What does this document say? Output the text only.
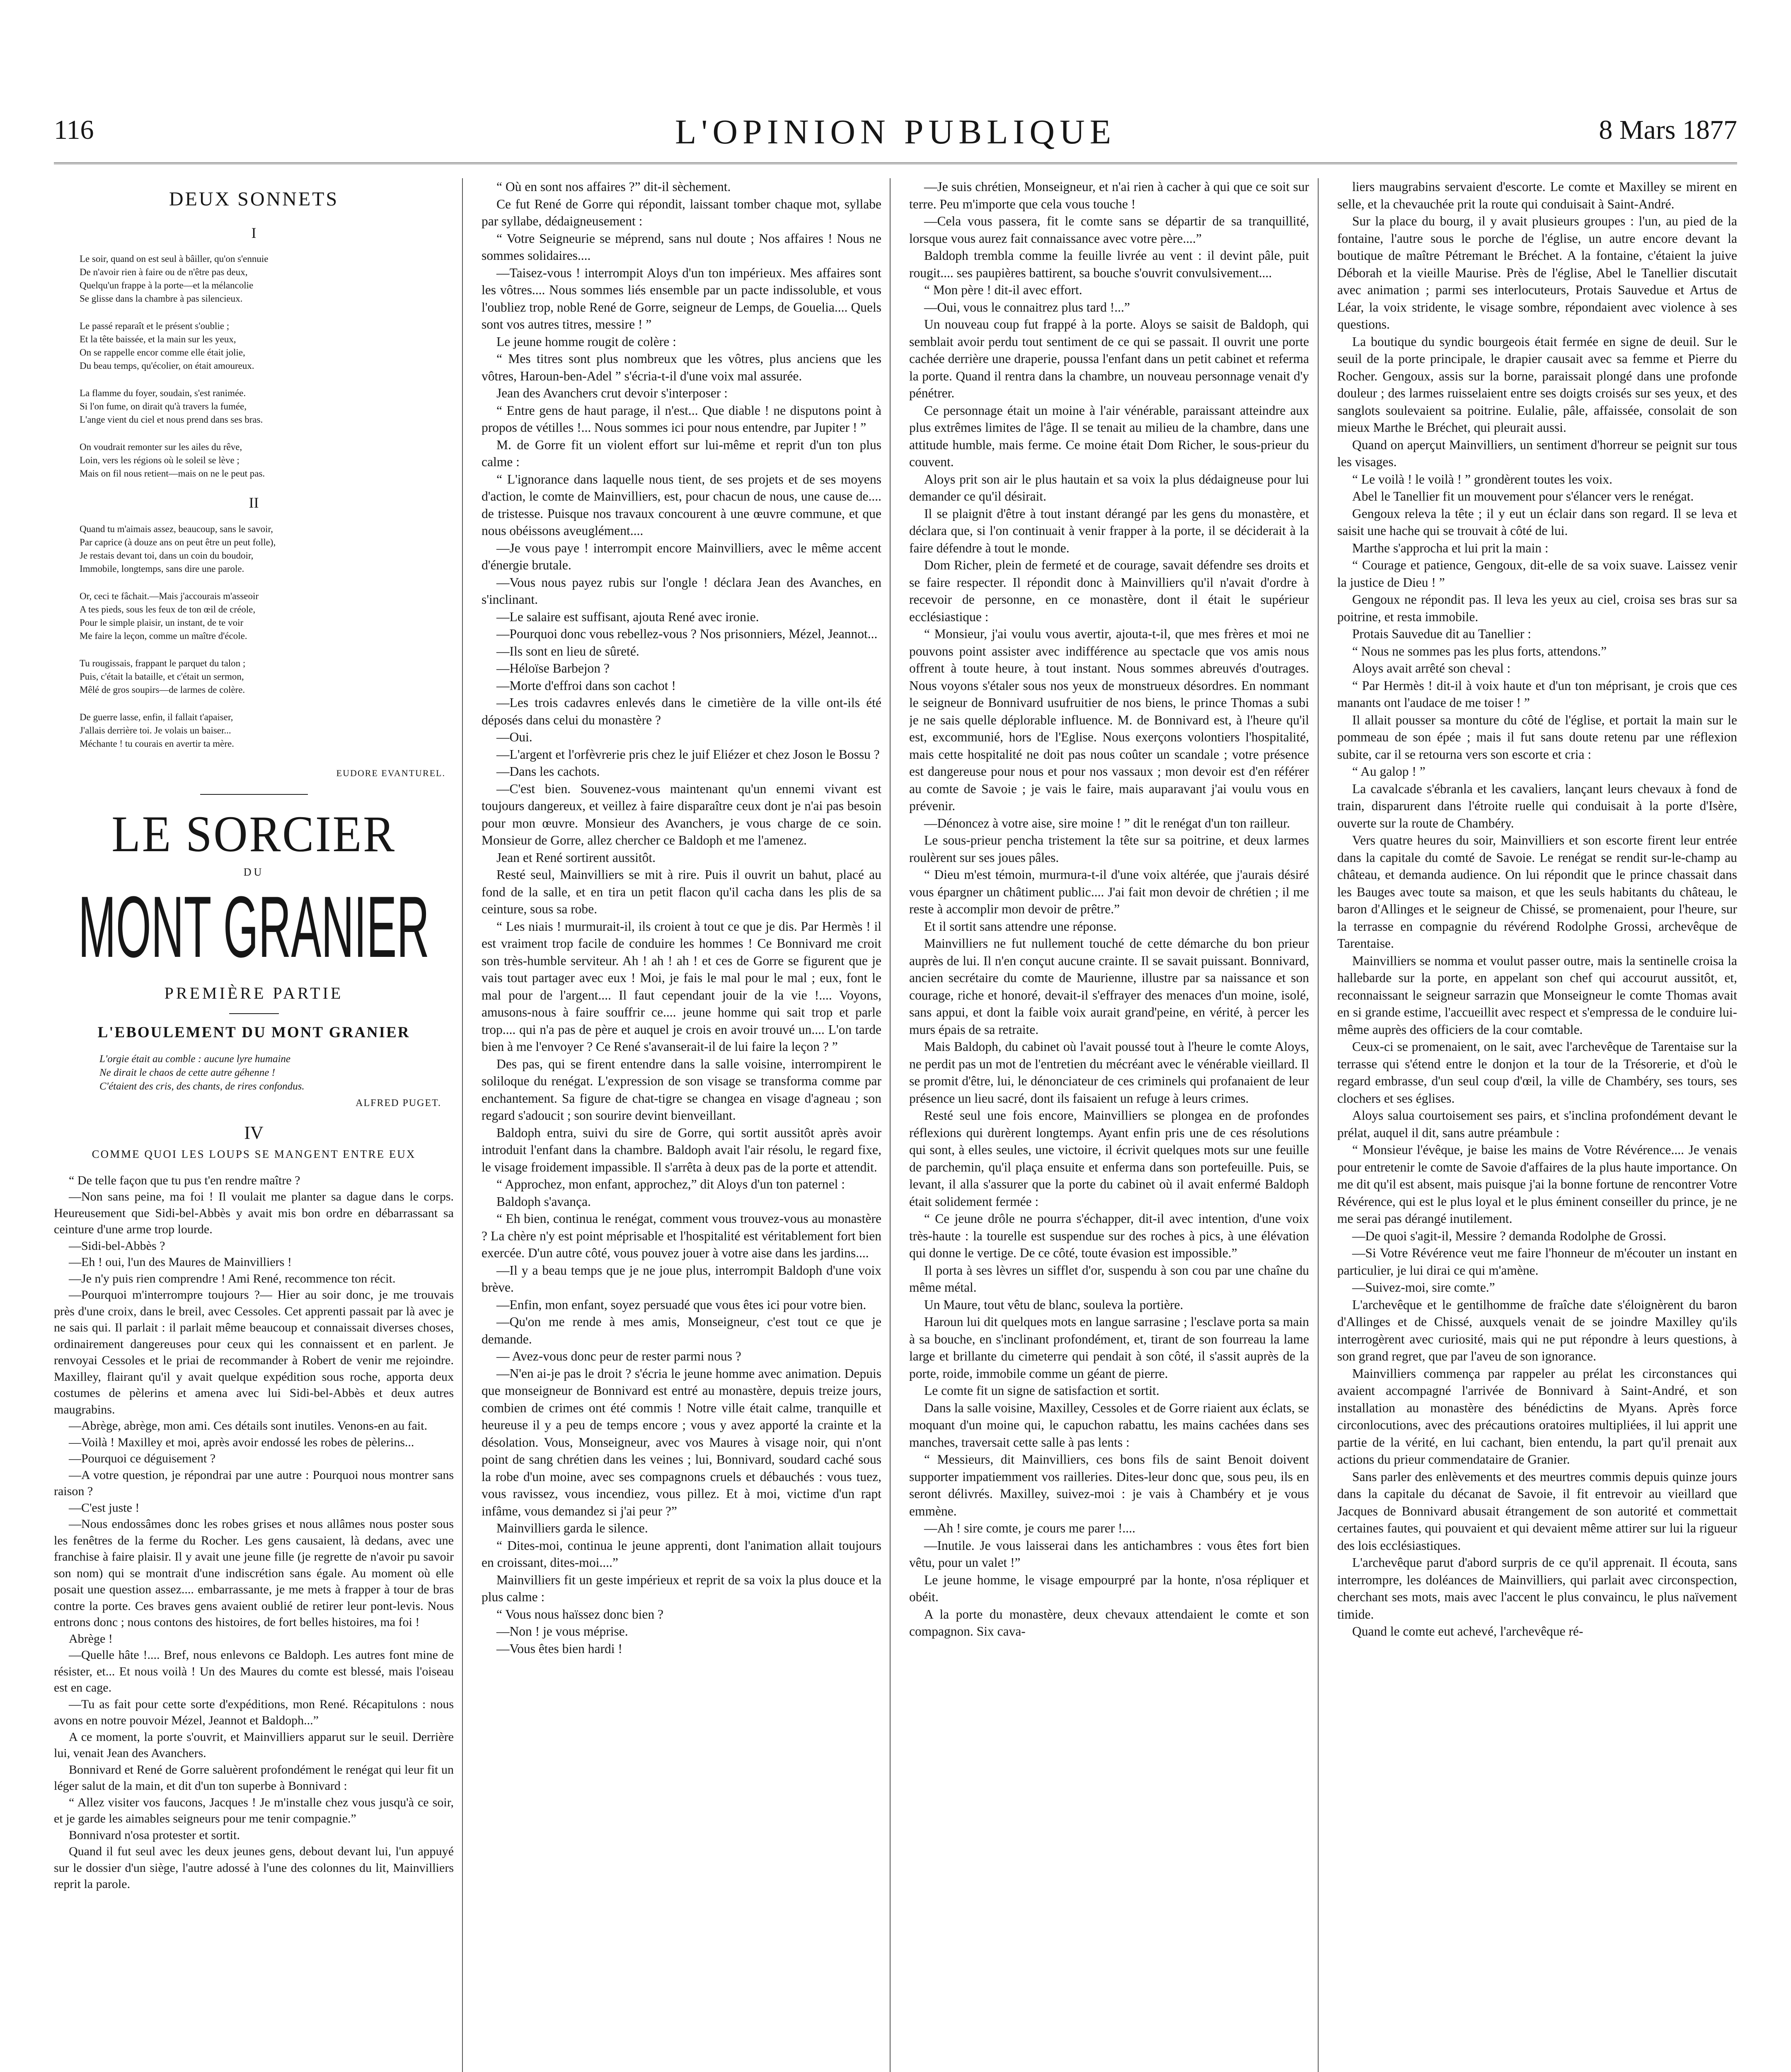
116	L'OPINION PUBLIQUE	8 Mars 1877
DEUX SONNETS
I
Le soir, quand on est seul à bâiller, qu'on s'ennuie
De n'avoir rien à faire ou de n'être pas deux,
Quelqu'un frappe à la porte—et la mélancolie
Se glisse dans la chambre à pas silencieux.
Le passé reparaît et le présent s'oublie ;
Et la tête baissée, et la main sur les yeux,
On se rappelle encor comme elle était jolie,
Du beau temps, qu'écolier, on était amoureux.
La flamme du foyer, soudain, s'est ranimée.
Si l'on fume, on dirait qu'à travers la fumée,
L'ange vient du ciel et nous prend dans ses bras.
On voudrait remonter sur les ailes du rêve,
Loin, vers les régions où le soleil se lève ;
Mais on fil nous retient—mais on ne le peut pas.
II
Quand tu m'aimais assez, beaucoup, sans le savoir,
Par caprice (à douze ans on peut être un peut folle),
Je restais devant toi, dans un coin du boudoir,
Immobile, longtemps, sans dire une parole.
Or, ceci te fâchait.—Mais j'accourais m'asseoir
A tes pieds, sous les feux de ton œil de créole,
Pour le simple plaisir, un instant, de te voir
Me faire la leçon, comme un maître d'école.
Tu rougissais, frappant le parquet du talon ;
Puis, c'était la bataille, et c'était un sermon,
Mêlé de gros soupirs—de larmes de colère.
De guerre lasse, enfin, il fallait t'apaiser,
J'allais derrière toi. Je volais un baiser...
Méchante ! tu courais en avertir ta mère.
EUDORE EVANTUREL.
LE SORCIER
DU
MONT GRANIER
PREMIÈRE PARTIE
L'EBOULEMENT DU MONT GRANIER
L'orgie était au comble : aucune lyre humaine
Ne dirait le chaos de cette autre géhenne !
C'étaient des cris, des chants, de rires confondus.
ALFRED PUGET.
IV
COMME QUOI LES LOUPS SE MANGENT ENTRE EUX

“ De telle façon que tu pus t'en rendre maître ?

—Non sans peine, ma foi ! Il voulait me planter sa dague dans le corps. Heureusement que Sidi-bel-Abbès y avait mis bon ordre en débarrassant sa ceinture d'une arme trop lourde.

—Sidi-bel-Abbès ?

—Eh ! oui, l'un des Maures de Mainvilliers !

—Je n'y puis rien comprendre ! Ami René, recommence ton récit.

—Pourquoi m'interrompre toujours ?— Hier au soir donc, je me trouvais près d'une croix, dans le breil, avec Cessoles. Cet apprenti passait par là avec je ne sais qui. Il parlait : il parlait même beaucoup et connaissait diverses choses, ordinairement dangereuses pour ceux qui les connaissent et en parlent. Je renvoyai Cessoles et le priai de recommander à Robert de venir me rejoindre. Maxilley, flairant qu'il y avait quelque expédition sous roche, apporta deux costumes de pèlerins et amena avec lui Sidi-bel-Abbès et deux autres maugrabins.

—Abrège, abrège, mon ami. Ces détails sont inutiles. Venons-en au fait.

—Voilà ! Maxilley et moi, après avoir endossé les robes de pèlerins...

—Pourquoi ce déguisement ?

—A votre question, je répondrai par une autre : Pourquoi nous montrer sans raison ?

—C'est juste !

—Nous endossâmes donc les robes grises et nous allâmes nous poster sous les fenêtres de la ferme du Rocher. Les gens causaient, là dedans, avec une franchise à faire plaisir. Il y avait une jeune fille (je regrette de n'avoir pu savoir son nom) qui se montrait d'une indiscrétion sans égale. Au moment où elle posait une question assez.... embarrassante, je me mets à frapper à tour de bras contre la porte. Ces braves gens avaient oublié de retirer leur pont-levis. Nous entrons donc ; nous contons des histoires, de fort belles histoires, ma foi !

Abrège !

—Quelle hâte !.... Bref, nous enlevons ce Baldoph. Les autres font mine de résister, et... Et nous voilà ! Un des Maures du comte est blessé, mais l'oiseau est en cage.

—Tu as fait pour cette sorte d'expéditions, mon René. Récapitulons : nous avons en notre pouvoir Mézel, Jeannot et Baldoph...”

A ce moment, la porte s'ouvrit, et Mainvilliers apparut sur le seuil. Derrière lui, venait Jean des Avanchers.

Bonnivard et René de Gorre saluèrent profondément le renégat qui leur fit un léger salut de la main, et dit d'un ton superbe à Bonnivard :

“ Allez visiter vos faucons, Jacques ! Je m'installe chez vous jusqu'à ce soir, et je garde les aimables seigneurs pour me tenir compagnie.”

Bonnivard n'osa protester et sortit.

Quand il fut seul avec les deux jeunes gens, debout devant lui, l'un appuyé sur le dossier d'un siège, l'autre adossé à l'une des colonnes du lit, Mainvilliers reprit la parole.

“ Où en sont nos affaires ?” dit-il sèchement.

Ce fut René de Gorre qui répondit, laissant tomber chaque mot, syllabe par syllabe, dédaigneusement :

“ Votre Seigneurie se méprend, sans nul doute ; Nos affaires ! Nous ne sommes solidaires....

—Taisez-vous ! interrompit Aloys d'un ton impérieux. Mes affaires sont les vôtres.... Nous sommes liés ensemble par un pacte indissoluble, et vous l'oubliez trop, noble René de Gorre, seigneur de Lemps, de Gouelia.... Quels sont vos autres titres, messire ! ”

Le jeune homme rougit de colère :

“ Mes titres sont plus nombreux que les vôtres, plus anciens que les vôtres, Haroun-ben-Adel ” s'écria-t-il d'une voix mal assurée.

Jean des Avanchers crut devoir s'interposer :

“ Entre gens de haut parage, il n'est... Que diable ! ne disputons point à propos de vétilles !... Nous sommes ici pour nous entendre, par Jupiter ! ”

M. de Gorre fit un violent effort sur lui-même et reprit d'un ton plus calme :

“ L'ignorance dans laquelle nous tient, de ses projets et de ses moyens d'action, le comte de Mainvilliers, est, pour chacun de nous, une cause de.... de tristesse. Puisque nos travaux concourent à une œuvre commune, et que nous obéissons aveuglément....

—Je vous paye ! interrompit encore Mainvilliers, avec le même accent d'énergie brutale.

—Vous nous payez rubis sur l'ongle ! déclara Jean des Avanches, en s'inclinant.

—Le salaire est suffisant, ajouta René avec ironie.

—Pourquoi donc vous rebellez-vous ? Nos prisonniers, Mézel, Jeannot...

—Ils sont en lieu de sûreté.

—Héloïse Barbejon ?

—Morte d'effroi dans son cachot !

—Les trois cadavres enlevés dans le cimetière de la ville ont-ils été déposés dans celui du monastère ?

—Oui.

—L'argent et l'orfèvrerie pris chez le juif Eliézer et chez Joson le Bossu ?

—Dans les cachots.

—C'est bien. Souvenez-vous maintenant qu'un ennemi vivant est toujours dangereux, et veillez à faire disparaître ceux dont je n'ai pas besoin pour mon œuvre. Monsieur des Avanchers, je vous charge de ce soin. Monsieur de Gorre, allez chercher ce Baldoph et me l'amenez.

Jean et René sortirent aussitôt.

Resté seul, Mainvilliers se mit à rire. Puis il ouvrit un bahut, placé au fond de la salle, et en tira un petit flacon qu'il cacha dans les plis de sa ceinture, sous sa robe.

“ Les niais ! murmurait-il, ils croient à tout ce que je dis. Par Hermès ! il est vraiment trop facile de conduire les hommes ! Ce Bonnivard me croit son très-humble serviteur. Ah ! ah ! ah ! et ces de Gorre se figurent que je vais tout partager avec eux ! Moi, je fais le mal pour le mal ; eux, font le mal pour de l'argent.... Il faut cependant jouir de la vie !.... Voyons, amusons-nous à faire souffrir ce.... jeune homme qui sait trop et parle trop.... qui n'a pas de père et auquel je crois en avoir trouvé un.... L'on tarde bien à me l'envoyer ? Ce René s'avanserait-il de lui faire la leçon ? ”

Des pas, qui se firent entendre dans la salle voisine, interrompirent le soliloque du renégat. L'expression de son visage se transforma comme par enchantement. Sa figure de chat-tigre se changea en visage d'agneau ; son regard s'adoucit ; son sourire devint bienveillant.

Baldoph entra, suivi du sire de Gorre, qui sortit aussitôt après avoir introduit l'enfant dans la chambre. Baldoph avait l'air résolu, le regard fixe, le visage froidement impassible. Il s'arrêta à deux pas de la porte et attendit.

“ Approchez, mon enfant, approchez,” dit Aloys d'un ton paternel :

Baldoph s'avança.

“ Eh bien, continua le renégat, comment vous trouvez-vous au monastère ? La chère n'y est point méprisable et l'hospitalité est véritablement fort bien exercée. D'un autre côté, vous pouvez jouer à votre aise dans les jardins....

—Il y a beau temps que je ne joue plus, interrompit Baldoph d'une voix brève.

—Enfin, mon enfant, soyez persuadé que vous êtes ici pour votre bien.

—Qu'on me rende à mes amis, Monseigneur, c'est tout ce que je demande.

— Avez-vous donc peur de rester parmi nous ?

—N'en ai-je pas le droit ? s'écria le jeune homme avec animation. Depuis que monseigneur de Bonnivard est entré au monastère, depuis treize jours, combien de crimes ont été commis ! Notre ville était calme, tranquille et heureuse il y a peu de temps encore ; vous y avez apporté la crainte et la désolation. Vous, Monseigneur, avec vos Maures à visage noir, qui n'ont point de sang chrétien dans les veines ; lui, Bonnivard, soudard caché sous la robe d'un moine, avec ses compagnons cruels et débauchés : vous tuez, vous ravissez, vous incendiez, vous pillez. Et à moi, victime d'un rapt infâme, vous demandez si j'ai peur ?”

Mainvilliers garda le silence.

“ Dites-moi, continua le jeune apprenti, dont l'animation allait toujours en croissant, dites-moi....”

Mainvilliers fit un geste impérieux et reprit de sa voix la plus douce et la plus calme :

“ Vous nous haïssez donc bien ?

—Non ! je vous méprise.

—Vous êtes bien hardi !

—Je suis chrétien, Monseigneur, et n'ai rien à cacher à qui que ce soit sur terre. Peu m'importe que cela vous touche !

—Cela vous passera, fit le comte sans se départir de sa tranquillité, lorsque vous aurez fait connaissance avec votre père....”

Baldoph trembla comme la feuille livrée au vent : il devint pâle, puit rougit.... ses paupières battirent, sa bouche s'ouvrit convulsivement....

“ Mon père ! dit-il avec effort.

—Oui, vous le connaitrez plus tard !...”

Un nouveau coup fut frappé à la porte. Aloys se saisit de Baldoph, qui semblait avoir perdu tout sentiment de ce qui se passait. Il ouvrit une porte cachée derrière une draperie, poussa l'enfant dans un petit cabinet et referma la porte. Quand il rentra dans la chambre, un nouveau personnage venait d'y pénétrer.

Ce personnage était un moine à l'air vénérable, paraissant atteindre aux plus extrêmes limites de l'âge. Il se tenait au milieu de la chambre, dans une attitude humble, mais ferme. Ce moine était Dom Richer, le sous-prieur du couvent.

Aloys prit son air le plus hautain et sa voix la plus dédaigneuse pour lui demander ce qu'il désirait.

Il se plaignit d'être à tout instant dérangé par les gens du monastère, et déclara que, si l'on continuait à venir frapper à la porte, il se déciderait à la faire défendre à tout le monde.

Dom Richer, plein de fermeté et de courage, savait défendre ses droits et se faire respecter. Il répondit donc à Mainvilliers qu'il n'avait d'ordre à recevoir de personne, en ce monastère, dont il était le supérieur ecclésiastique :

“ Monsieur, j'ai voulu vous avertir, ajouta-t-il, que mes frères et moi ne pouvons point assister avec indifférence au spectacle que vos amis nous offrent à toute heure, à tout instant. Nous sommes abreuvés d'outrages. Nous voyons s'étaler sous nos yeux de monstrueux désordres. En nommant le seigneur de Bonnivard usufruitier de nos biens, le prince Thomas a subi je ne sais quelle déplorable influence. M. de Bonnivard est, à l'heure qu'il est, excommunié, hors de l'Eglise. Nous exerçons volontiers l'hospitalité, mais cette hospitalité ne doit pas nous coûter un scandale ; votre présence est dangereuse pour nous et pour nos vassaux ; mon devoir est d'en référer au comte de Savoie ; je vais le faire, mais auparavant j'ai voulu vous en prévenir.

—Dénoncez à votre aise, sire moine ! ” dit le renégat d'un ton railleur.

Le sous-prieur pencha tristement la tête sur sa poitrine, et deux larmes roulèrent sur ses joues pâles.

“ Dieu m'est témoin, murmura-t-il d'une voix altérée, que j'aurais désiré vous épargner un châtiment public.... J'ai fait mon devoir de chrétien ; il me reste à accomplir mon devoir de prêtre.”

Et il sortit sans attendre une réponse.

Mainvilliers ne fut nullement touché de cette démarche du bon prieur auprès de lui. Il n'en conçut aucune crainte. Il se savait puissant. Bonnivard, ancien secrétaire du comte de Maurienne, illustre par sa naissance et son courage, riche et honoré, devait-il s'effrayer des menaces d'un moine, isolé, sans appui, et dont la faible voix aurait grand'peine, en vérité, à percer les murs épais de sa retraite.

Mais Baldoph, du cabinet où l'avait poussé tout à l'heure le comte Aloys, ne perdit pas un mot de l'entretien du mécréant avec le vénérable vieillard. Il se promit d'être, lui, le dénonciateur de ces criminels qui profanaient de leur présence un lieu sacré, dont ils faisaient un refuge à leurs crimes.

Resté seul une fois encore, Mainvilliers se plongea en de profondes réflexions qui durèrent longtemps. Ayant enfin pris une de ces résolutions qui sont, à elles seules, une victoire, il écrivit quelques mots sur une feuille de parchemin, qu'il plaça ensuite et enferma dans son portefeuille. Puis, se levant, il alla s'assurer que la porte du cabinet où il avait enfermé Baldoph était solidement fermée :

“ Ce jeune drôle ne pourra s'échapper, dit-il avec intention, d'une voix très-haute : la tourelle est suspendue sur des roches à pics, à une élévation qui donne le vertige. De ce côté, toute évasion est impossible.”

Il porta à ses lèvres un sifflet d'or, suspendu à son cou par une chaîne du même métal.

Un Maure, tout vêtu de blanc, souleva la portière.

Haroun lui dit quelques mots en langue sarrasine ; l'esclave porta sa main à sa bouche, en s'inclinant profondément, et, tirant de son fourreau la lame large et brillante du cimeterre qui pendait à son côté, il s'assit auprès de la porte, roide, immobile comme un géant de pierre.

Le comte fit un signe de satisfaction et sortit.

Dans la salle voisine, Maxilley, Cessoles et de Gorre riaient aux éclats, se moquant d'un moine qui, le capuchon rabattu, les mains cachées dans ses manches, traversait cette salle à pas lents :

“ Messieurs, dit Mainvilliers, ces bons fils de saint Benoit doivent supporter impatiemment vos railleries. Dites-leur donc que, sous peu, ils en seront délivrés. Maxilley, suivez-moi : je vais à Chambéry et je vous emmène.

—Ah ! sire comte, je cours me parer !....

—Inutile. Je vous laisserai dans les antichambres : vous êtes fort bien vêtu, pour un valet !”

Le jeune homme, le visage empourpré par la honte, n'osa répliquer et obéit.

A la porte du monastère, deux chevaux attendaient le comte et son compagnon. Six cava-

liers maugrabins servaient d'escorte. Le comte et Maxilley se mirent en selle, et la chevauchée prit la route qui conduisait à Saint-André.

Sur la place du bourg, il y avait plusieurs groupes : l'un, au pied de la fontaine, l'autre sous le porche de l'église, un autre encore devant la boutique de maître Pétremant le Bréchet. A la fontaine, c'étaient la juive Déborah et la vieille Maurise. Près de l'église, Abel le Tanellier discutait avec animation ; parmi ses interlocuteurs, Protais Sauvedue et Artus de Léar, la voix stridente, le visage sombre, répondaient avec violence à ses questions.

La boutique du syndic bourgeois était fermée en signe de deuil. Sur le seuil de la porte principale, le drapier causait avec sa femme et Pierre du Rocher. Gengoux, assis sur la borne, paraissait plongé dans une profonde douleur ; des larmes ruisselaient entre ses doigts croisés sur ses yeux, et des sanglots soulevaient sa poitrine. Eulalie, pâle, affaissée, consolait de son mieux Marthe le Bréchet, qui pleurait aussi.

Quand on aperçut Mainvilliers, un sentiment d'horreur se peignit sur tous les visages.

“ Le voilà ! le voilà ! ” grondèrent toutes les voix.

Abel le Tanellier fit un mouvement pour s'élancer vers le renégat.

Gengoux releva la tête ; il y eut un éclair dans son regard. Il se leva et saisit une hache qui se trouvait à côté de lui.

Marthe s'approcha et lui prit la main :

“ Courage et patience, Gengoux, dit-elle de sa voix suave. Laissez venir la justice de Dieu ! ”

Gengoux ne répondit pas. Il leva les yeux au ciel, croisa ses bras sur sa poitrine, et resta immobile.

Protais Sauvedue dit au Tanellier :

“ Nous ne sommes pas les plus forts, attendons.”

Aloys avait arrêté son cheval :

“ Par Hermès ! dit-il à voix haute et d'un ton méprisant, je crois que ces manants ont l'audace de me toiser ! ”

Il allait pousser sa monture du côté de l'église, et portait la main sur le pommeau de son épée ; mais il fut sans doute retenu par une réflexion subite, car il se retourna vers son escorte et cria :

“ Au galop ! ”

La cavalcade s'ébranla et les cavaliers, lançant leurs chevaux à fond de train, disparurent dans l'étroite ruelle qui conduisait à la porte d'Isère, ouverte sur la route de Chambéry.

Vers quatre heures du soir, Mainvilliers et son escorte firent leur entrée dans la capitale du comté de Savoie. Le renégat se rendit sur-le-champ au château, et demanda audience. On lui répondit que le prince chassait dans les Bauges avec toute sa maison, et que les seuls habitants du château, le baron d'Allinges et le seigneur de Chissé, se promenaient, pour l'heure, sur la terrasse en compagnie du révérend Rodolphe Grossi, archevêque de Tarentaise.

Mainvilliers se nomma et voulut passer outre, mais la sentinelle croisa la hallebarde sur la porte, en appelant son chef qui accourut aussitôt, et, reconnaissant le seigneur sarrazin que Monseigneur le comte Thomas avait en si grande estime, l'accueillit avec respect et s'empressa de le conduire lui-même auprès des officiers de la cour comtable.

Ceux-ci se promenaient, on le sait, avec l'archevêque de Tarentaise sur la terrasse qui s'étend entre le donjon et la tour de la Trésorerie, et d'où le regard embrasse, d'un seul coup d'œil, la ville de Chambéry, ses tours, ses clochers et ses églises.

Aloys salua courtoisement ses pairs, et s'inclina profondément devant le prélat, auquel il dit, sans autre préambule :

“ Monsieur l'évêque, je baise les mains de Votre Révérence.... Je venais pour entretenir le comte de Savoie d'affaires de la plus haute importance. On me dit qu'il est absent, mais puisque j'ai la bonne fortune de rencontrer Votre Révérence, qui est le plus loyal et le plus éminent conseiller du prince, je ne me serai pas dérangé inutilement.

—De quoi s'agit-il, Messire ? demanda Rodolphe de Grossi.

—Si Votre Révérence veut me faire l'honneur de m'écouter un instant en particulier, je lui dirai ce qui m'amène.

—Suivez-moi, sire comte.”

L'archevêque et le gentilhomme de fraîche date s'éloignèrent du baron d'Allinges et de Chissé, auxquels venait de se joindre Maxilley qu'ils interrogèrent avec curiosité, mais qui ne put répondre à leurs questions, à son grand regret, que par l'aveu de son ignorance.

Mainvilliers commença par rappeler au prélat les circonstances qui avaient accompagné l'arrivée de Bonnivard à Saint-André, et son installation au monastère des bénédictins de Myans. Après force circonlocutions, avec des précautions oratoires multipliées, il lui apprit une partie de la vérité, en lui cachant, bien entendu, la part qu'il prenait aux actions du prieur commendataire de Granier.

Sans parler des enlèvements et des meurtres commis depuis quinze jours dans la capitale du décanat de Savoie, il fit entrevoir au vieillard que Jacques de Bonnivard abusait étrangement de son autorité et commettait certaines fautes, qui pouvaient et qui devaient même attirer sur lui la rigueur des lois ecclésiastiques.

L'archevêque parut d'abord surpris de ce qu'il apprenait. Il écouta, sans interrompre, les doléances de Mainvilliers, qui parlait avec circonspection, cherchant ses mots, mais avec l'accent le plus convaincu, le plus naïvement timide.

Quand le comte eut achevé, l'archevêque ré-
